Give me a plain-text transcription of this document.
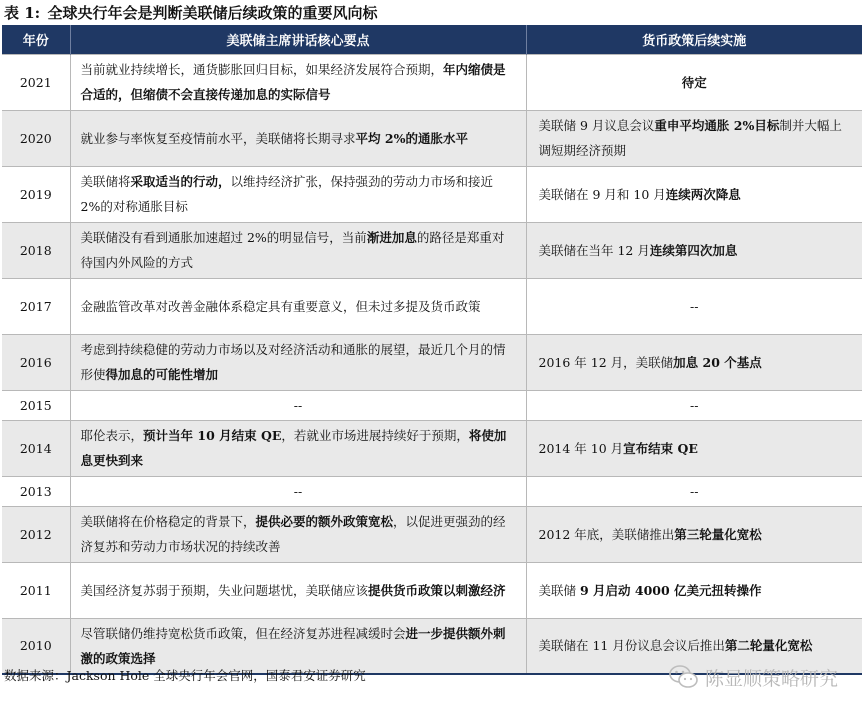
表 1: 全球央行年会是判断美联储后续政策的重要风向标
年份	美联储主席讲话核心要点	货币政策后续实施
2021	当前就业持续增长，通货膨胀回归目标，如果经济发展符合预期，年内缩债是合适的，但缩债不会直接传递加息的实际信号	待定
2020	就业参与率恢复至疫情前水平，美联储将长期寻求平均 2%的通胀水平	美联储 9 月议息会议重申平均通胀 2%目标制并大幅上调短期经济预期
2019	美联储将采取适当的行动，以维持经济扩张，保持强劲的劳动力市场和接近 2%的对称通胀目标	美联储在 9 月和 10 月连续两次降息
2018	美联储没有看到通胀加速超过 2%的明显信号，当前渐进加息的路径是郑重对待国内外风险的方式	美联储在当年 12 月连续第四次加息
2017	金融监管改革对改善金融体系稳定具有重要意义，但未过多提及货币政策	--
2016	考虑到持续稳健的劳动力市场以及对经济活动和通胀的展望，最近几个月的情形使得加息的可能性增加	2016 年 12 月，美联储加息 20 个基点
2015	--	--
2014	耶伦表示，预计当年 10 月结束 QE，若就业市场进展持续好于预期，将使加息更快到来	2014 年 10 月宣布结束 QE
2013	--	--
2012	美联储将在价格稳定的背景下，提供必要的额外政策宽松，以促进更强劲的经济复苏和劳动力市场状况的持续改善	2012 年底，美联储推出第三轮量化宽松
2011	美国经济复苏弱于预期，失业问题堪忧，美联储应该提供货币政策以刺激经济	美联储 9 月启动 4000 亿美元扭转操作
2010	尽管联储仍维持宽松货币政策，但在经济复苏进程减缓时会进一步提供额外刺激的政策选择	美联储在 11 月份议息会议后推出第二轮量化宽松
数据来源：Jackson Hole 全球央行年会官网，国泰君安证券研究	陈显顺策略研究
